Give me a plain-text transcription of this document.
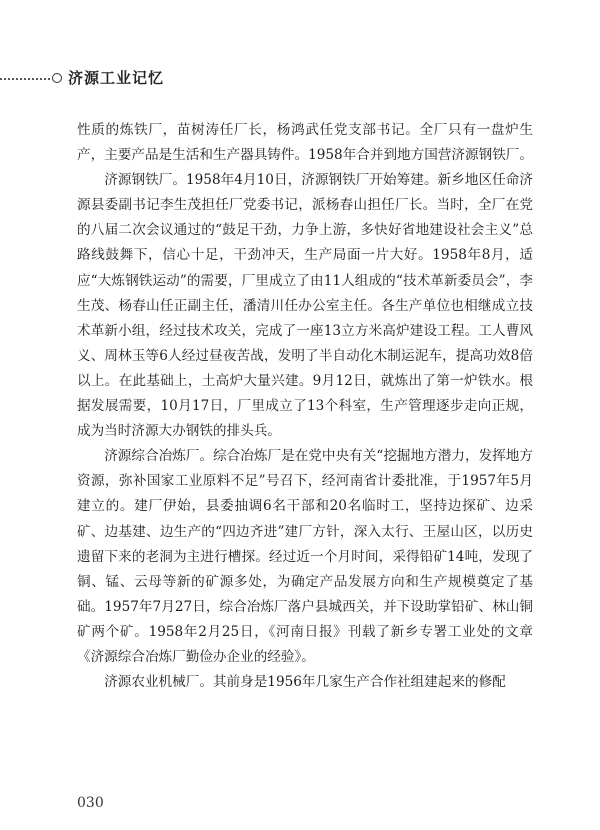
济源工业记忆

性质的炼铁厂，苗树涛任厂长，杨鸿武任党支部书记。全厂只有一盘炉生产，主要产品是生活和生产器具铸件。1958年合并到地方国营济源钢铁厂。

济源钢铁厂。1958年4月10日，济源钢铁厂开始筹建。新乡地区任命济源县委副书记李生茂担任厂党委书记，派杨春山担任厂长。当时，全厂在党的八届二次会议通过的“鼓足干劲，力争上游，多快好省地建设社会主义”总路线鼓舞下，信心十足，干劲冲天，生产局面一片大好。1958年8月，适应“大炼钢铁运动”的需要，厂里成立了由11人组成的“技术革新委员会”，李生茂、杨春山任正副主任，潘清川任办公室主任。各生产单位也相继成立技术革新小组，经过技术攻关，完成了一座13立方米高炉建设工程。工人曹风义、周林玉等6人经过昼夜苦战，发明了半自动化木制运泥车，提高功效8倍以上。在此基础上，土高炉大量兴建。9月12日，就炼出了第一炉铁水。根据发展需要，10月17日，厂里成立了13个科室，生产管理逐步走向正规，成为当时济源大办钢铁的排头兵。

济源综合冶炼厂。综合冶炼厂是在党中央有关“挖掘地方潜力，发挥地方资源，弥补国家工业原料不足”号召下，经河南省计委批准，于1957年5月建立的。建厂伊始，县委抽调6名干部和20名临时工，坚持边探矿、边采矿、边基建、边生产的“四边齐进”建厂方针，深入太行、王屋山区，以历史遗留下来的老洞为主进行槽探。经过近一个月时间，采得铅矿14吨，发现了铜、锰、云母等新的矿源多处，为确定产品发展方向和生产规模奠定了基础。1957年7月27日，综合冶炼厂落户县城西关，并下设助掌铅矿、林山铜矿两个矿。1958年2月25日，《河南日报》刊载了新乡专署工业处的文章《济源综合冶炼厂勤俭办企业的经验》。

济源农业机械厂。其前身是1956年几家生产合作社组建起来的修配

030
